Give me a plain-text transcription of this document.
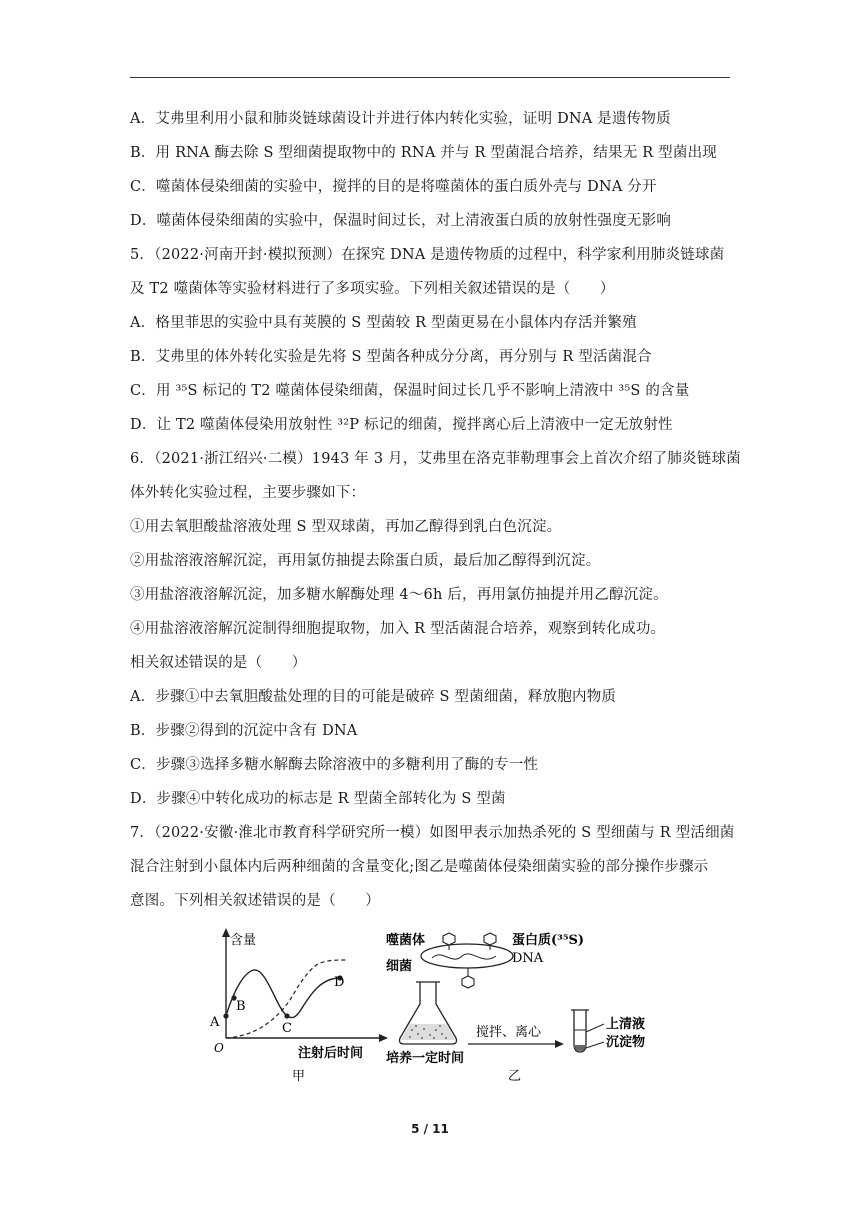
A．艾弗里利用小鼠和肺炎链球菌设计并进行体内转化实验，证明 DNA 是遗传物质
B．用 RNA 酶去除 S 型细菌提取物中的 RNA 并与 R 型菌混合培养，结果无 R 型菌出现
C．噬菌体侵染细菌的实验中，搅拌的目的是将噬菌体的蛋白质外壳与 DNA 分开
D．噬菌体侵染细菌的实验中，保温时间过长，对上清液蛋白质的放射性强度无影响
5．（2022·河南开封·模拟预测）在探究 DNA 是遗传物质的过程中，科学家利用肺炎链球菌
及 T2 噬菌体等实验材料进行了多项实验。下列相关叙述错误的是（　　）
A．格里菲思的实验中具有荚膜的 S 型菌较 R 型菌更易在小鼠体内存活并繁殖
B．艾弗里的体外转化实验是先将 S 型菌各种成分分离，再分别与 R 型活菌混合
C．用 ³⁵S 标记的 T2 噬菌体侵染细菌，保温时间过长几乎不影响上清液中 ³⁵S 的含量
D．让 T2 噬菌体侵染用放射性 ³²P 标记的细菌，搅拌离心后上清液中一定无放射性
6．（2021·浙江绍兴·二模）1943 年 3 月，艾弗里在洛克菲勒理事会上首次介绍了肺炎链球菌
体外转化实验过程，主要步骤如下：
①用去氧胆酸盐溶液处理 S 型双球菌，再加乙醇得到乳白色沉淀。
②用盐溶液溶解沉淀，再用氯仿抽提去除蛋白质，最后加乙醇得到沉淀。
③用盐溶液溶解沉淀，加多糖水解酶处理 4～6h 后，再用氯仿抽提并用乙醇沉淀。
④用盐溶液溶解沉淀制得细胞提取物，加入 R 型活菌混合培养，观察到转化成功。
相关叙述错误的是（　　）
A．步骤①中去氧胆酸盐处理的目的可能是破碎 S 型菌细菌，释放胞内物质
B．步骤②得到的沉淀中含有 DNA
C．步骤③选择多糖水解酶去除溶液中的多糖利用了酶的专一性
D．步骤④中转化成功的标志是 R 型菌全部转化为 S 型菌
7．（2022·安徽·淮北市教育科学研究所一模）如图甲表示加热杀死的 S 型细菌与 R 型活细菌
混合注射到小鼠体内后两种细菌的含量变化;图乙是噬菌体侵染细菌实验的部分操作步骤示
意图。下列相关叙述错误的是（　　）
含量
O
A
B
C
D
注射后时间
甲
噬菌体
细菌
蛋白质(³⁵S)
DNA
培养一定时间
搅拌、离心
上清液
沉淀物
乙
5 / 11
